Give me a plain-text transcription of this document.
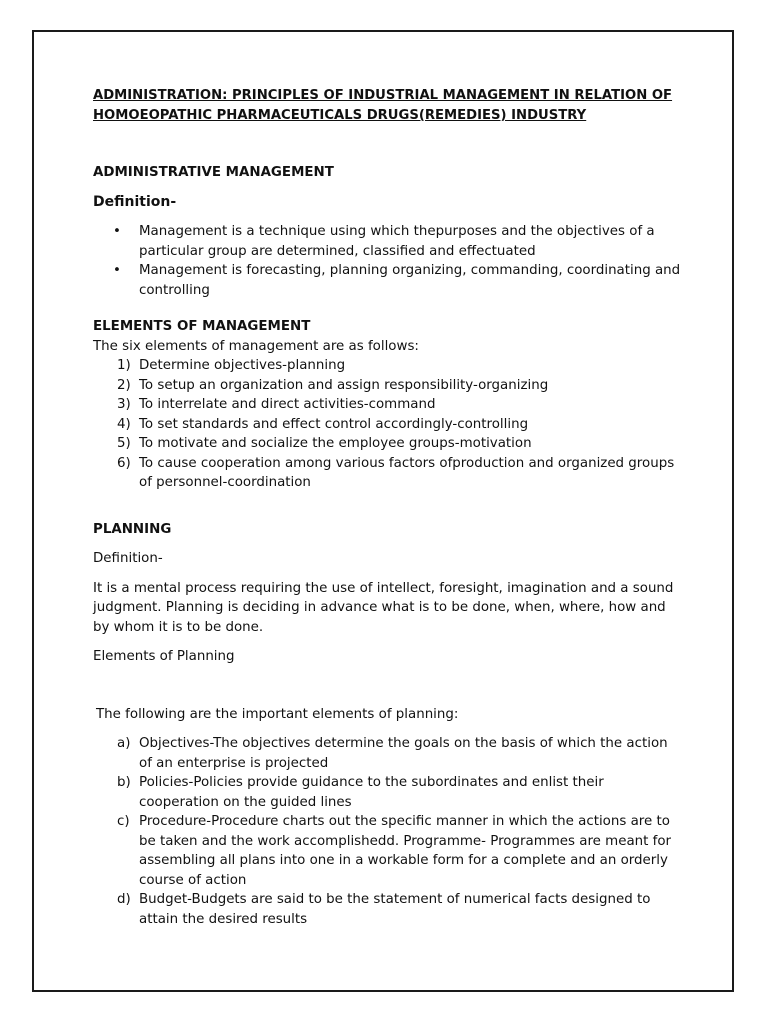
ADMINISTRATION: PRINCIPLES OF INDUSTRIAL MANAGEMENT IN RELATION OF
HOMOEOPATHIC PHARMACEUTICALS DRUGS(REMEDIES) INDUSTRY
ADMINISTRATIVE MANAGEMENT
Definition-
• Management is a technique using which thepurposes and the objectives of a particular group are determined, classified and effectuated
• Management is forecasting, planning organizing, commanding, coordinating and controlling
ELEMENTS OF MANAGEMENT

The six elements of management are as follows:

1) Determine objectives-planning
2) To setup an organization and assign responsibility-organizing
3) To interrelate and direct activities-command
4) To set standards and effect control accordingly-controlling
5) To motivate and socialize the employee groups-motivation
6) To cause cooperation among various factors ofproduction and organized groups of personnel-coordination
PLANNING

Definition-

It is a mental process requiring the use of intellect, foresight, imagination and a sound judgment. Planning is deciding in advance what is to be done, when, where, how and by whom it is to be done.

Elements of Planning

The following are the important elements of planning:

a) Objectives-The objectives determine the goals on the basis of which the action of an enterprise is projected
b) Policies-Policies provide guidance to the subordinates and enlist their cooperation on the guided lines
c) Procedure-Procedure charts out the specific manner in which the actions are to be taken and the work accomplishedd. Programme- Programmes are meant for assembling all plans into one in a workable form for a complete and an orderly course of action
d) Budget-Budgets are said to be the statement of numerical facts designed to attain the desired results
